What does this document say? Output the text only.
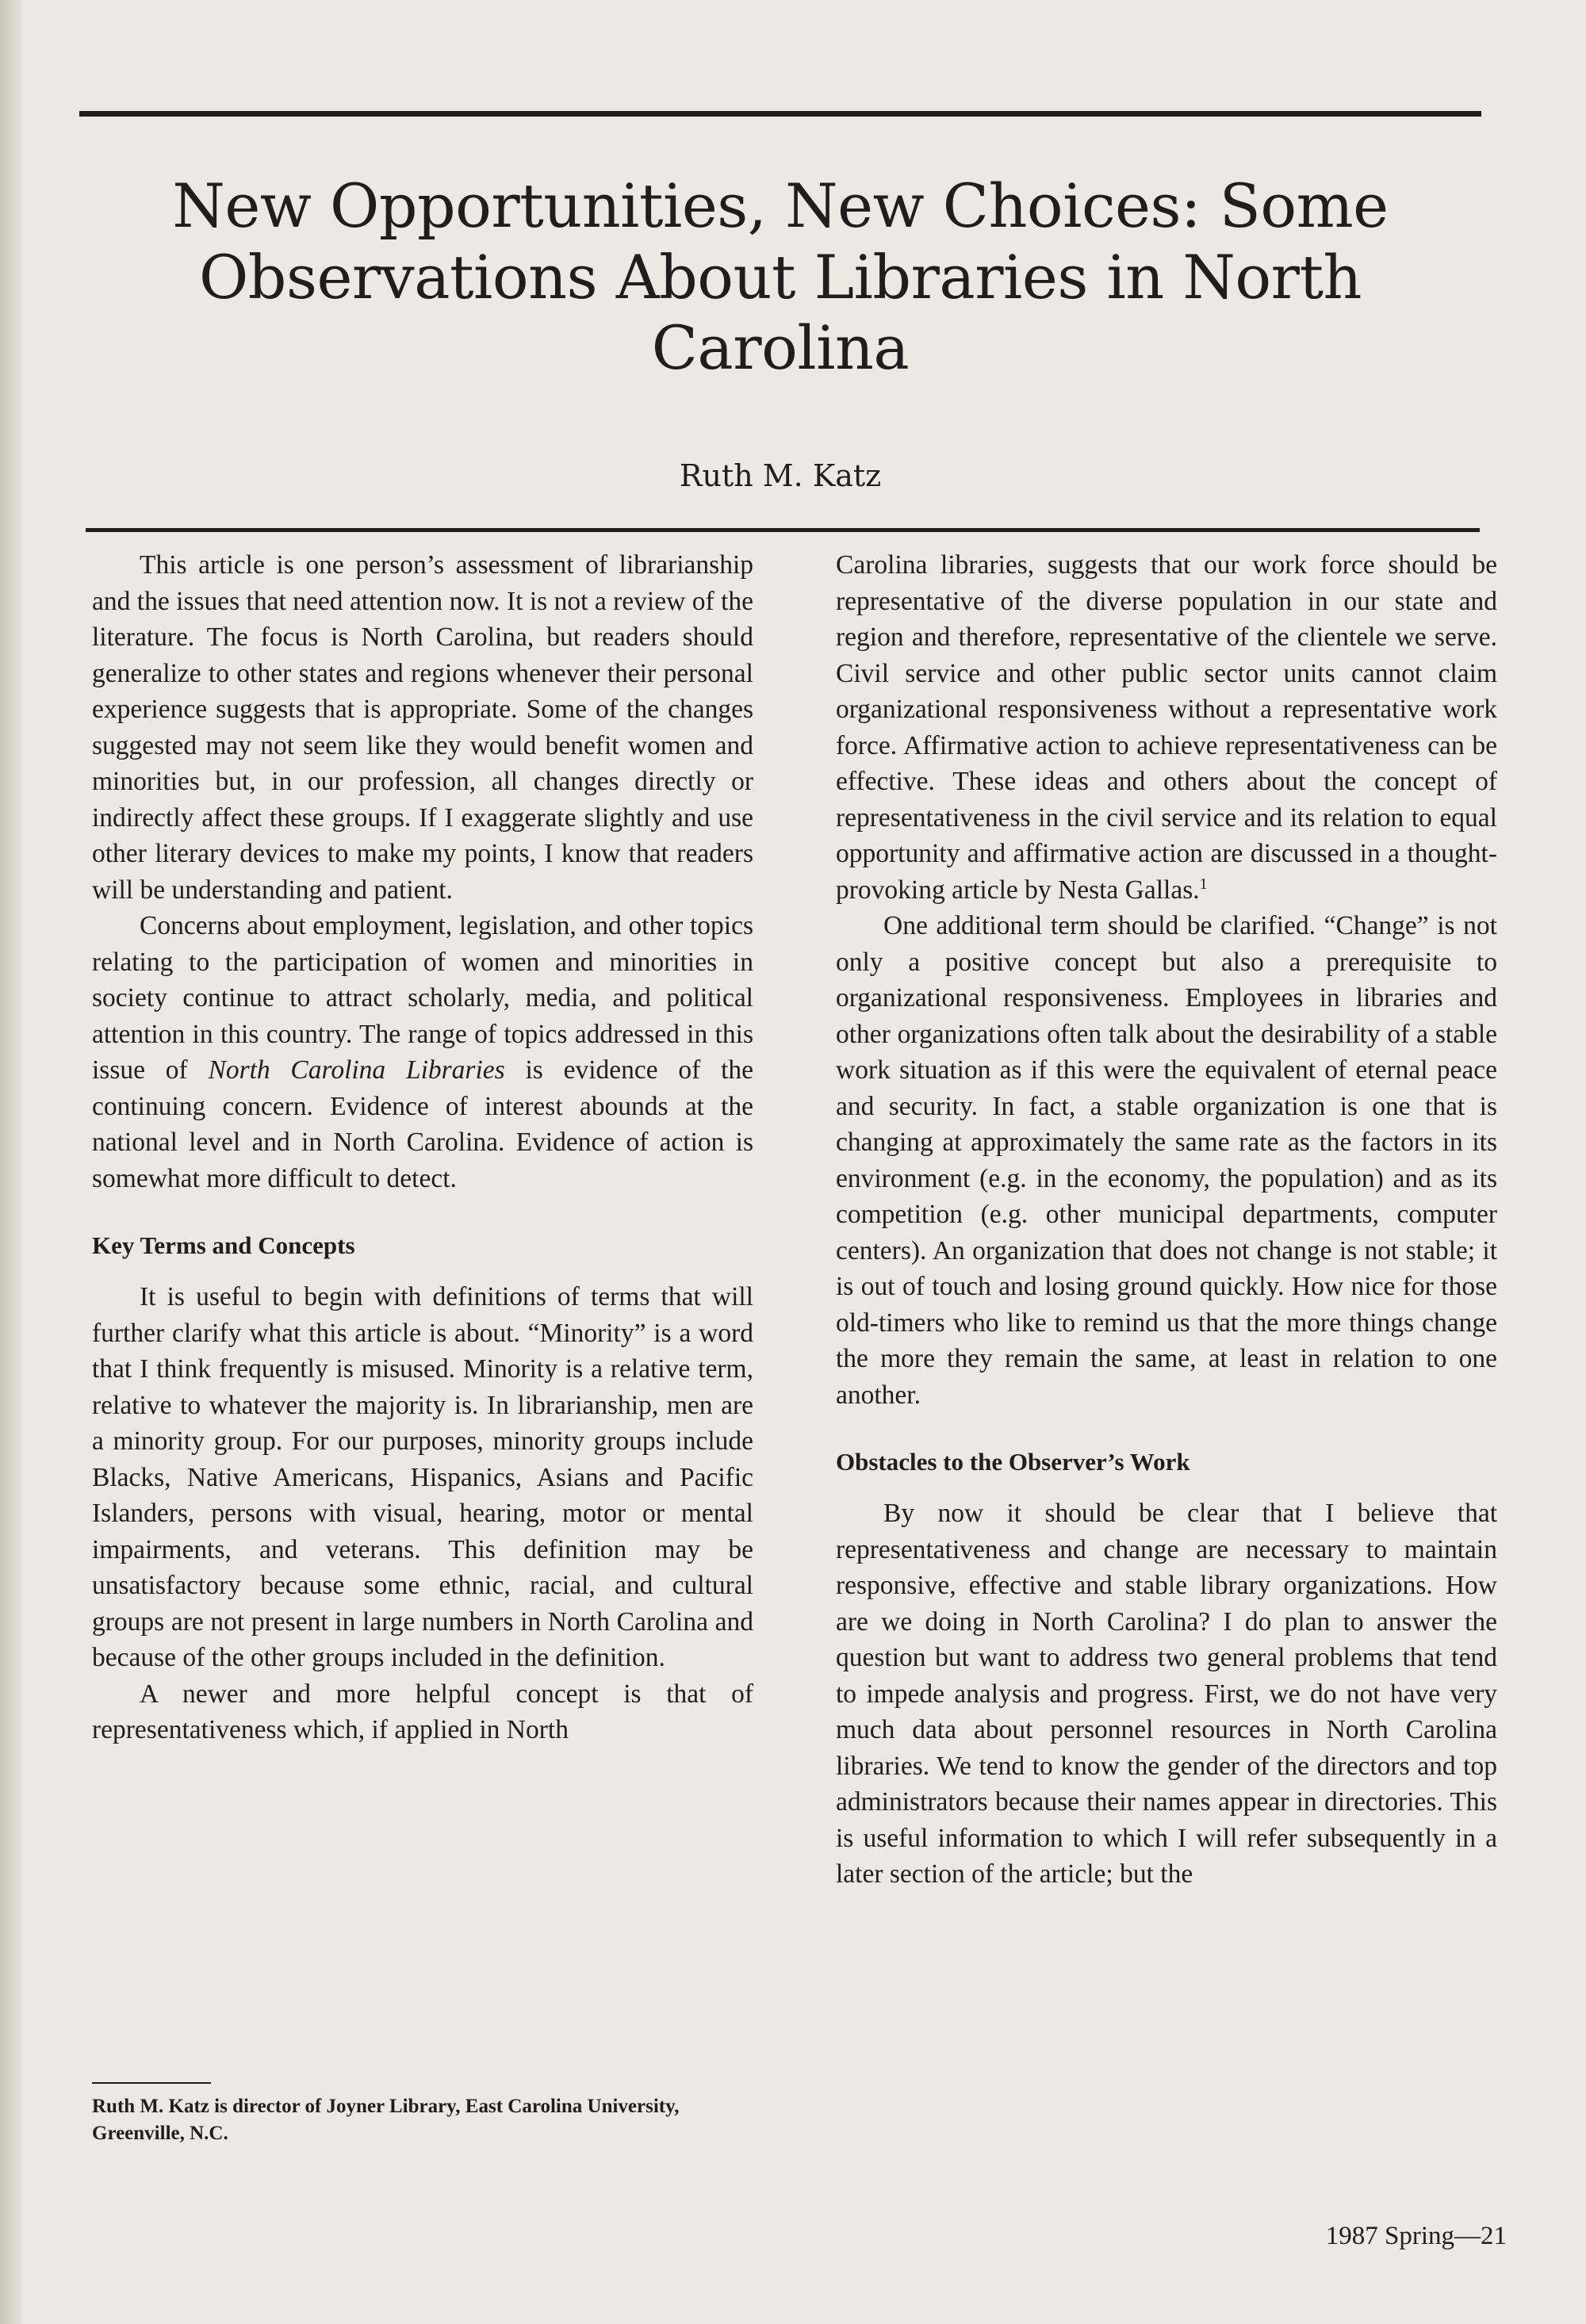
New Opportunities, New Choices: Some Observations About Libraries in North Carolina
Ruth M. Katz

This article is one person’s assessment of librarianship and the issues that need attention now. It is not a review of the literature. The focus is North Carolina, but readers should generalize to other states and regions whenever their personal experience suggests that is appropriate. Some of the changes suggested may not seem like they would benefit women and minorities but, in our profession, all changes directly or indirectly affect these groups. If I exaggerate slightly and use other literary devices to make my points, I know that readers will be understanding and patient.

Concerns about employment, legislation, and other topics relating to the participation of women and minorities in society continue to attract scholarly, media, and political attention in this country. The range of topics addressed in this issue of North Carolina Libraries is evidence of the continuing concern. Evidence of interest abounds at the national level and in North Carolina. Evidence of action is somewhat more difficult to detect.

Key Terms and Concepts

It is useful to begin with definitions of terms that will further clarify what this article is about. “Minority” is a word that I think frequently is misused. Minority is a relative term, relative to whatever the majority is. In librarianship, men are a minority group. For our purposes, minority groups include Blacks, Native Americans, Hispanics, Asians and Pacific Islanders, persons with visual, hearing, motor or mental impairments, and veterans. This definition may be unsatisfactory because some ethnic, racial, and cultural groups are not present in large numbers in North Carolina and because of the other groups included in the definition.

A newer and more helpful concept is that of representativeness which, if applied in North

Carolina libraries, suggests that our work force should be representative of the diverse population in our state and region and therefore, representative of the clientele we serve. Civil service and other public sector units cannot claim organizational responsiveness without a representative work force. Affirmative action to achieve representativeness can be effective. These ideas and others about the concept of representativeness in the civil service and its relation to equal opportunity and affirmative action are discussed in a thought-provoking article by Nesta Gallas.$^1$

One additional term should be clarified. “Change” is not only a positive concept but also a prerequisite to organizational responsiveness. Employees in libraries and other organizations often talk about the desirability of a stable work situation as if this were the equivalent of eternal peace and security. In fact, a stable organization is one that is changing at approximately the same rate as the factors in its environment (e.g. in the economy, the population) and as its competition (e.g. other municipal departments, computer centers). An organization that does not change is not stable; it is out of touch and losing ground quickly. How nice for those old-timers who like to remind us that the more things change the more they remain the same, at least in relation to one another.

Obstacles to the Observer’s Work

By now it should be clear that I believe that representativeness and change are necessary to maintain responsive, effective and stable library organizations. How are we doing in North Carolina? I do plan to answer the question but want to address two general problems that tend to impede analysis and progress. First, we do not have very much data about personnel resources in North Carolina libraries. We tend to know the gender of the directors and top administrators because their names appear in directories. This is useful information to which I will refer subsequently in a later section of the article; but the

Ruth M. Katz is director of Joyner Library, East Carolina University, Greenville, N.C.
1987 Spring—21
